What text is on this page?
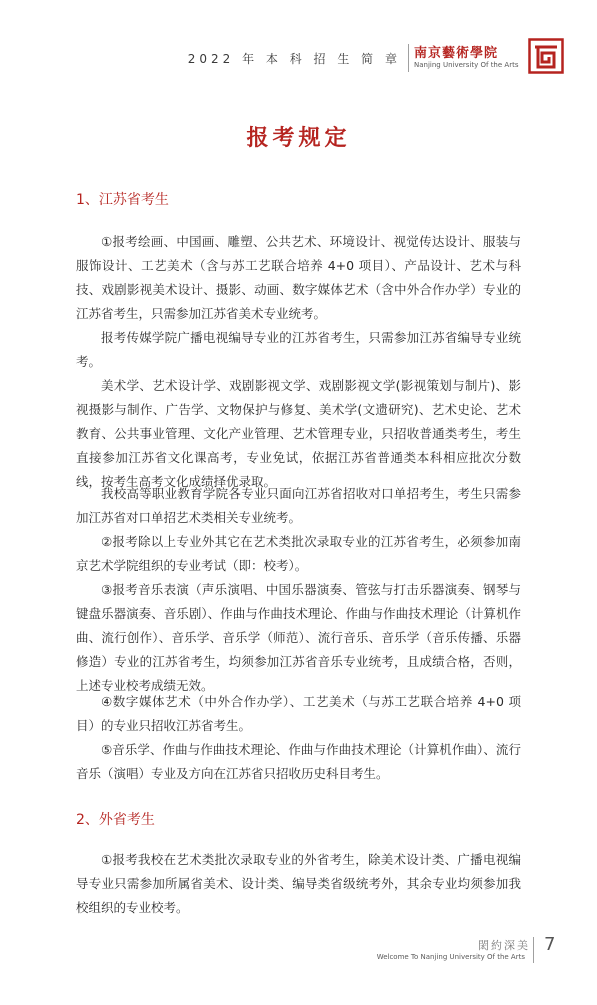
2022 年 本 科 招 生 简 章 南京藝術學院
Nanjing University Of the Arts
报考规定
1、江苏省考生

①报考绘画、中国画、雕塑、公共艺术、环境设计、视觉传达设计、服装与服饰设计、工艺美术（含与苏工艺联合培养 4+0 项目）、产品设计、艺术与科技、戏剧影视美术设计、摄影、动画、数字媒体艺术（含中外合作办学）专业的江苏省考生，只需参加江苏省美术专业统考。

报考传媒学院广播电视编导专业的江苏省考生，只需参加江苏省编导专业统考。

美术学、艺术设计学、戏剧影视文学、戏剧影视文学(影视策划与制片)、影视摄影与制作、广告学、文物保护与修复、美术学(文遗研究)、艺术史论、艺术教育、公共事业管理、文化产业管理、艺术管理专业，只招收普通类考生，考生直接参加江苏省文化课高考，专业免试，依据江苏省普通类本科相应批次分数线，按考生高考文化成绩择优录取。

我校高等职业教育学院各专业只面向江苏省招收对口单招考生，考生只需参加江苏省对口单招艺术类相关专业统考。

②报考除以上专业外其它在艺术类批次录取专业的江苏省考生，必须参加南京艺术学院组织的专业考试（即：校考）。

③报考音乐表演（声乐演唱、中国乐器演奏、管弦与打击乐器演奏、钢琴与键盘乐器演奏、音乐剧）、作曲与作曲技术理论、作曲与作曲技术理论（计算机作曲、流行创作）、音乐学、音乐学（师范）、流行音乐、音乐学（音乐传播、乐器修造）专业的江苏省考生，均须参加江苏省音乐专业统考，且成绩合格，否则，上述专业校考成绩无效。

④数字媒体艺术（中外合作办学）、工艺美术（与苏工艺联合培养 4+0 项目）的专业只招收江苏省考生。

⑤音乐学、作曲与作曲技术理论、作曲与作曲技术理论（计算机作曲）、流行音乐（演唱）专业及方向在江苏省只招收历史科目考生。

2、外省考生

①报考我校在艺术类批次录取专业的外省考生，除美术设计类、广播电视编导专业只需参加所属省美术、设计类、编导类省级统考外，其余专业均须参加我校组织的专业校考。

閎約深美
Welcome To Nanjing University Of the Arts
7
